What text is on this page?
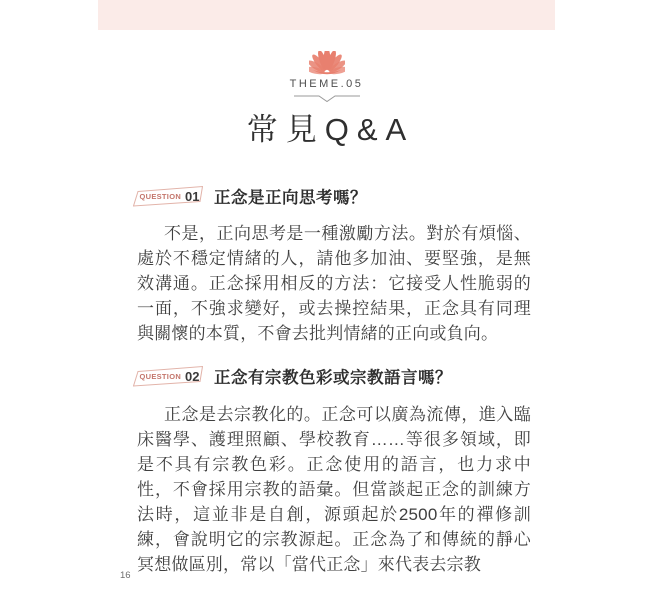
THEME.05
常見Q&A
QUESTION 01 正念是正向思考嗎？
不是，正向思考是一種激勵方法。對於有煩惱、處於不穩定情緒的人，請他多加油、要堅強，是無效溝通。正念採用相反的方法：它接受人性脆弱的一面，不強求變好，或去操控結果，正念具有同理與關懷的本質，不會去批判情緒的正向或負向。
QUESTION 02 正念有宗教色彩或宗教語言嗎？
正念是去宗教化的。正念可以廣為流傳，進入臨床醫學、護理照顧、學校教育……等很多領域，即是不具有宗教色彩。正念使用的語言，也力求中性，不會採用宗教的語彙。但當談起正念的訓練方法時，這並非是自創，源頭起於2500年的禪修訓練，會說明它的宗教源起。正念為了和傳統的靜心冥想做區別，常以「當代正念」來代表去宗教
16
